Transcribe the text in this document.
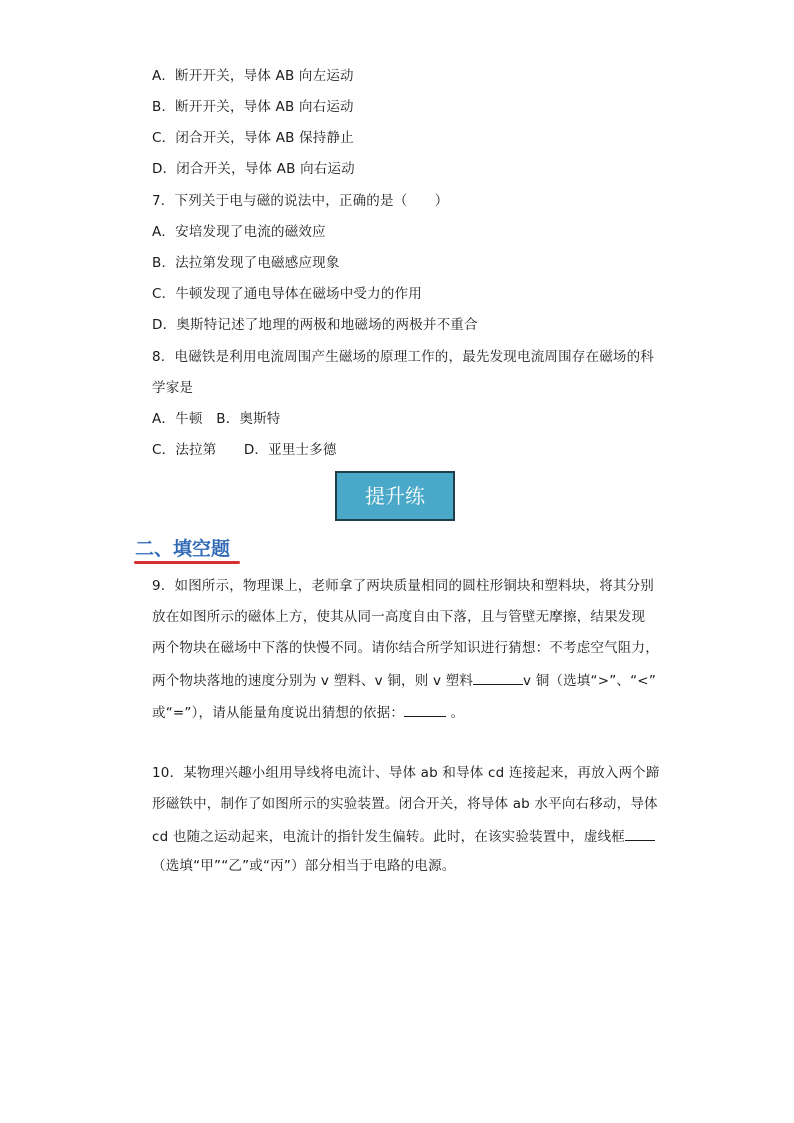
A．断开开关，导体 AB 向左运动
B．断开开关，导体 AB 向右运动
C．闭合开关，导体 AB 保持静止
D．闭合开关，导体 AB 向右运动
7．下列关于电与磁的说法中，正确的是（　　）
A．安培发现了电流的磁效应
B．法拉第发现了电磁感应现象
C．牛顿发现了通电导体在磁场中受力的作用
D．奥斯特记述了地理的两极和地磁场的两极并不重合
8．电磁铁是利用电流周围产生磁场的原理工作的，最先发现电流周围存在磁场的科
学家是
A．牛顿　B．奥斯特
C．法拉第　　D．亚里士多德
提升练
二、填空题
9．如图所示，物理课上，老师拿了两块质量相同的圆柱形铜块和塑料块，将其分别
放在如图所示的磁体上方，使其从同一高度自由下落，且与管壁无摩擦，结果发现
两个物块在磁场中下落的快慢不同。请你结合所学知识进行猜想：不考虑空气阻力，
两个物块落地的速度分别为 v 塑料、v 铜，则 v 塑料	v 铜（选填“>”、“<”
或“=”），请从能量角度说出猜想的依据：	。
10．某物理兴趣小组用导线将电流计、导体 ab 和导体 cd 连接起来，再放入两个蹄
形磁铁中，制作了如图所示的实验装置。闭合开关，将导体 ab 水平向右移动，导体
cd 也随之运动起来，电流计的指针发生偏转。此时，在该实验装置中，虚线框
（选填“甲”“乙”或“丙”）部分相当于电路的电源。
